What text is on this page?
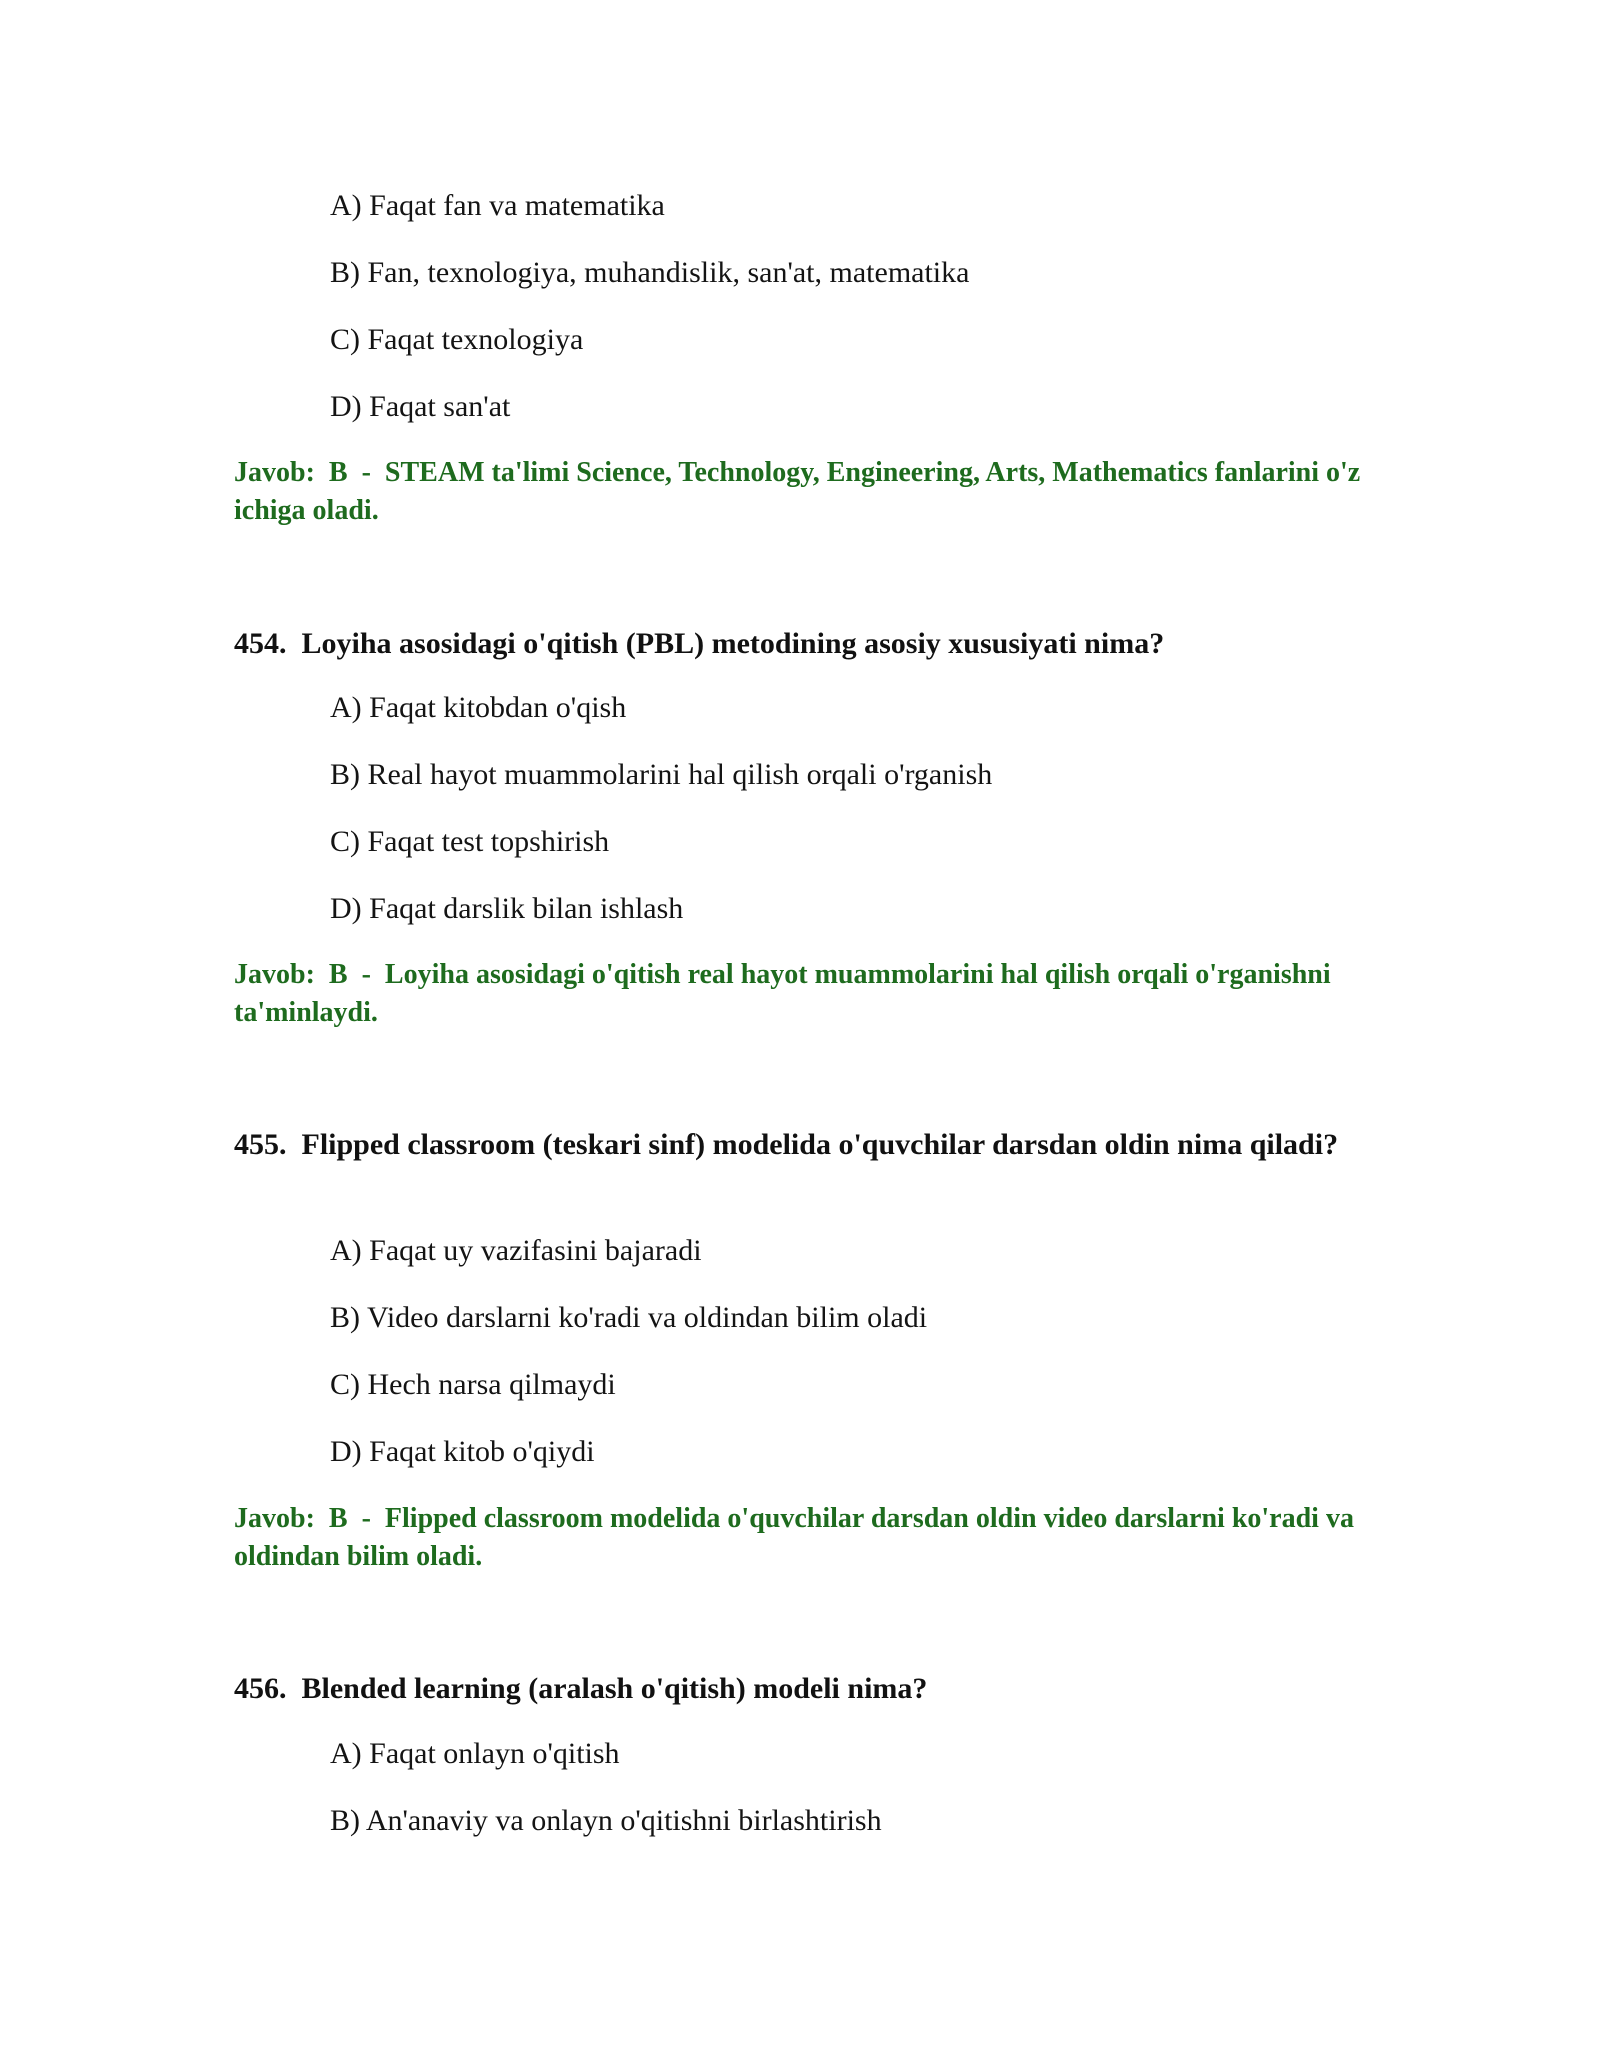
A) Faqat fan va matematika
B) Fan, texnologiya, muhandislik, san'at, matematika
C) Faqat texnologiya
D) Faqat san'at
Javob: B - STEAM ta'limi Science, Technology, Engineering, Arts, Mathematics fanlarini o'z ichiga oladi.
454. Loyiha asosidagi o'qitish (PBL) metodining asosiy xususiyati nima?
A) Faqat kitobdan o'qish
B) Real hayot muammolarini hal qilish orqali o'rganish
C) Faqat test topshirish
D) Faqat darslik bilan ishlash
Javob: B - Loyiha asosidagi o'qitish real hayot muammolarini hal qilish orqali o'rganishni ta'minlaydi.
455. Flipped classroom (teskari sinf) modelida o'quvchilar darsdan oldin nima qiladi?
A) Faqat uy vazifasini bajaradi
B) Video darslarni ko'radi va oldindan bilim oladi
C) Hech narsa qilmaydi
D) Faqat kitob o'qiydi
Javob: B - Flipped classroom modelida o'quvchilar darsdan oldin video darslarni ko'radi va oldindan bilim oladi.
456. Blended learning (aralash o'qitish) modeli nima?
A) Faqat onlayn o'qitish
B) An'anaviy va onlayn o'qitishni birlashtirish
